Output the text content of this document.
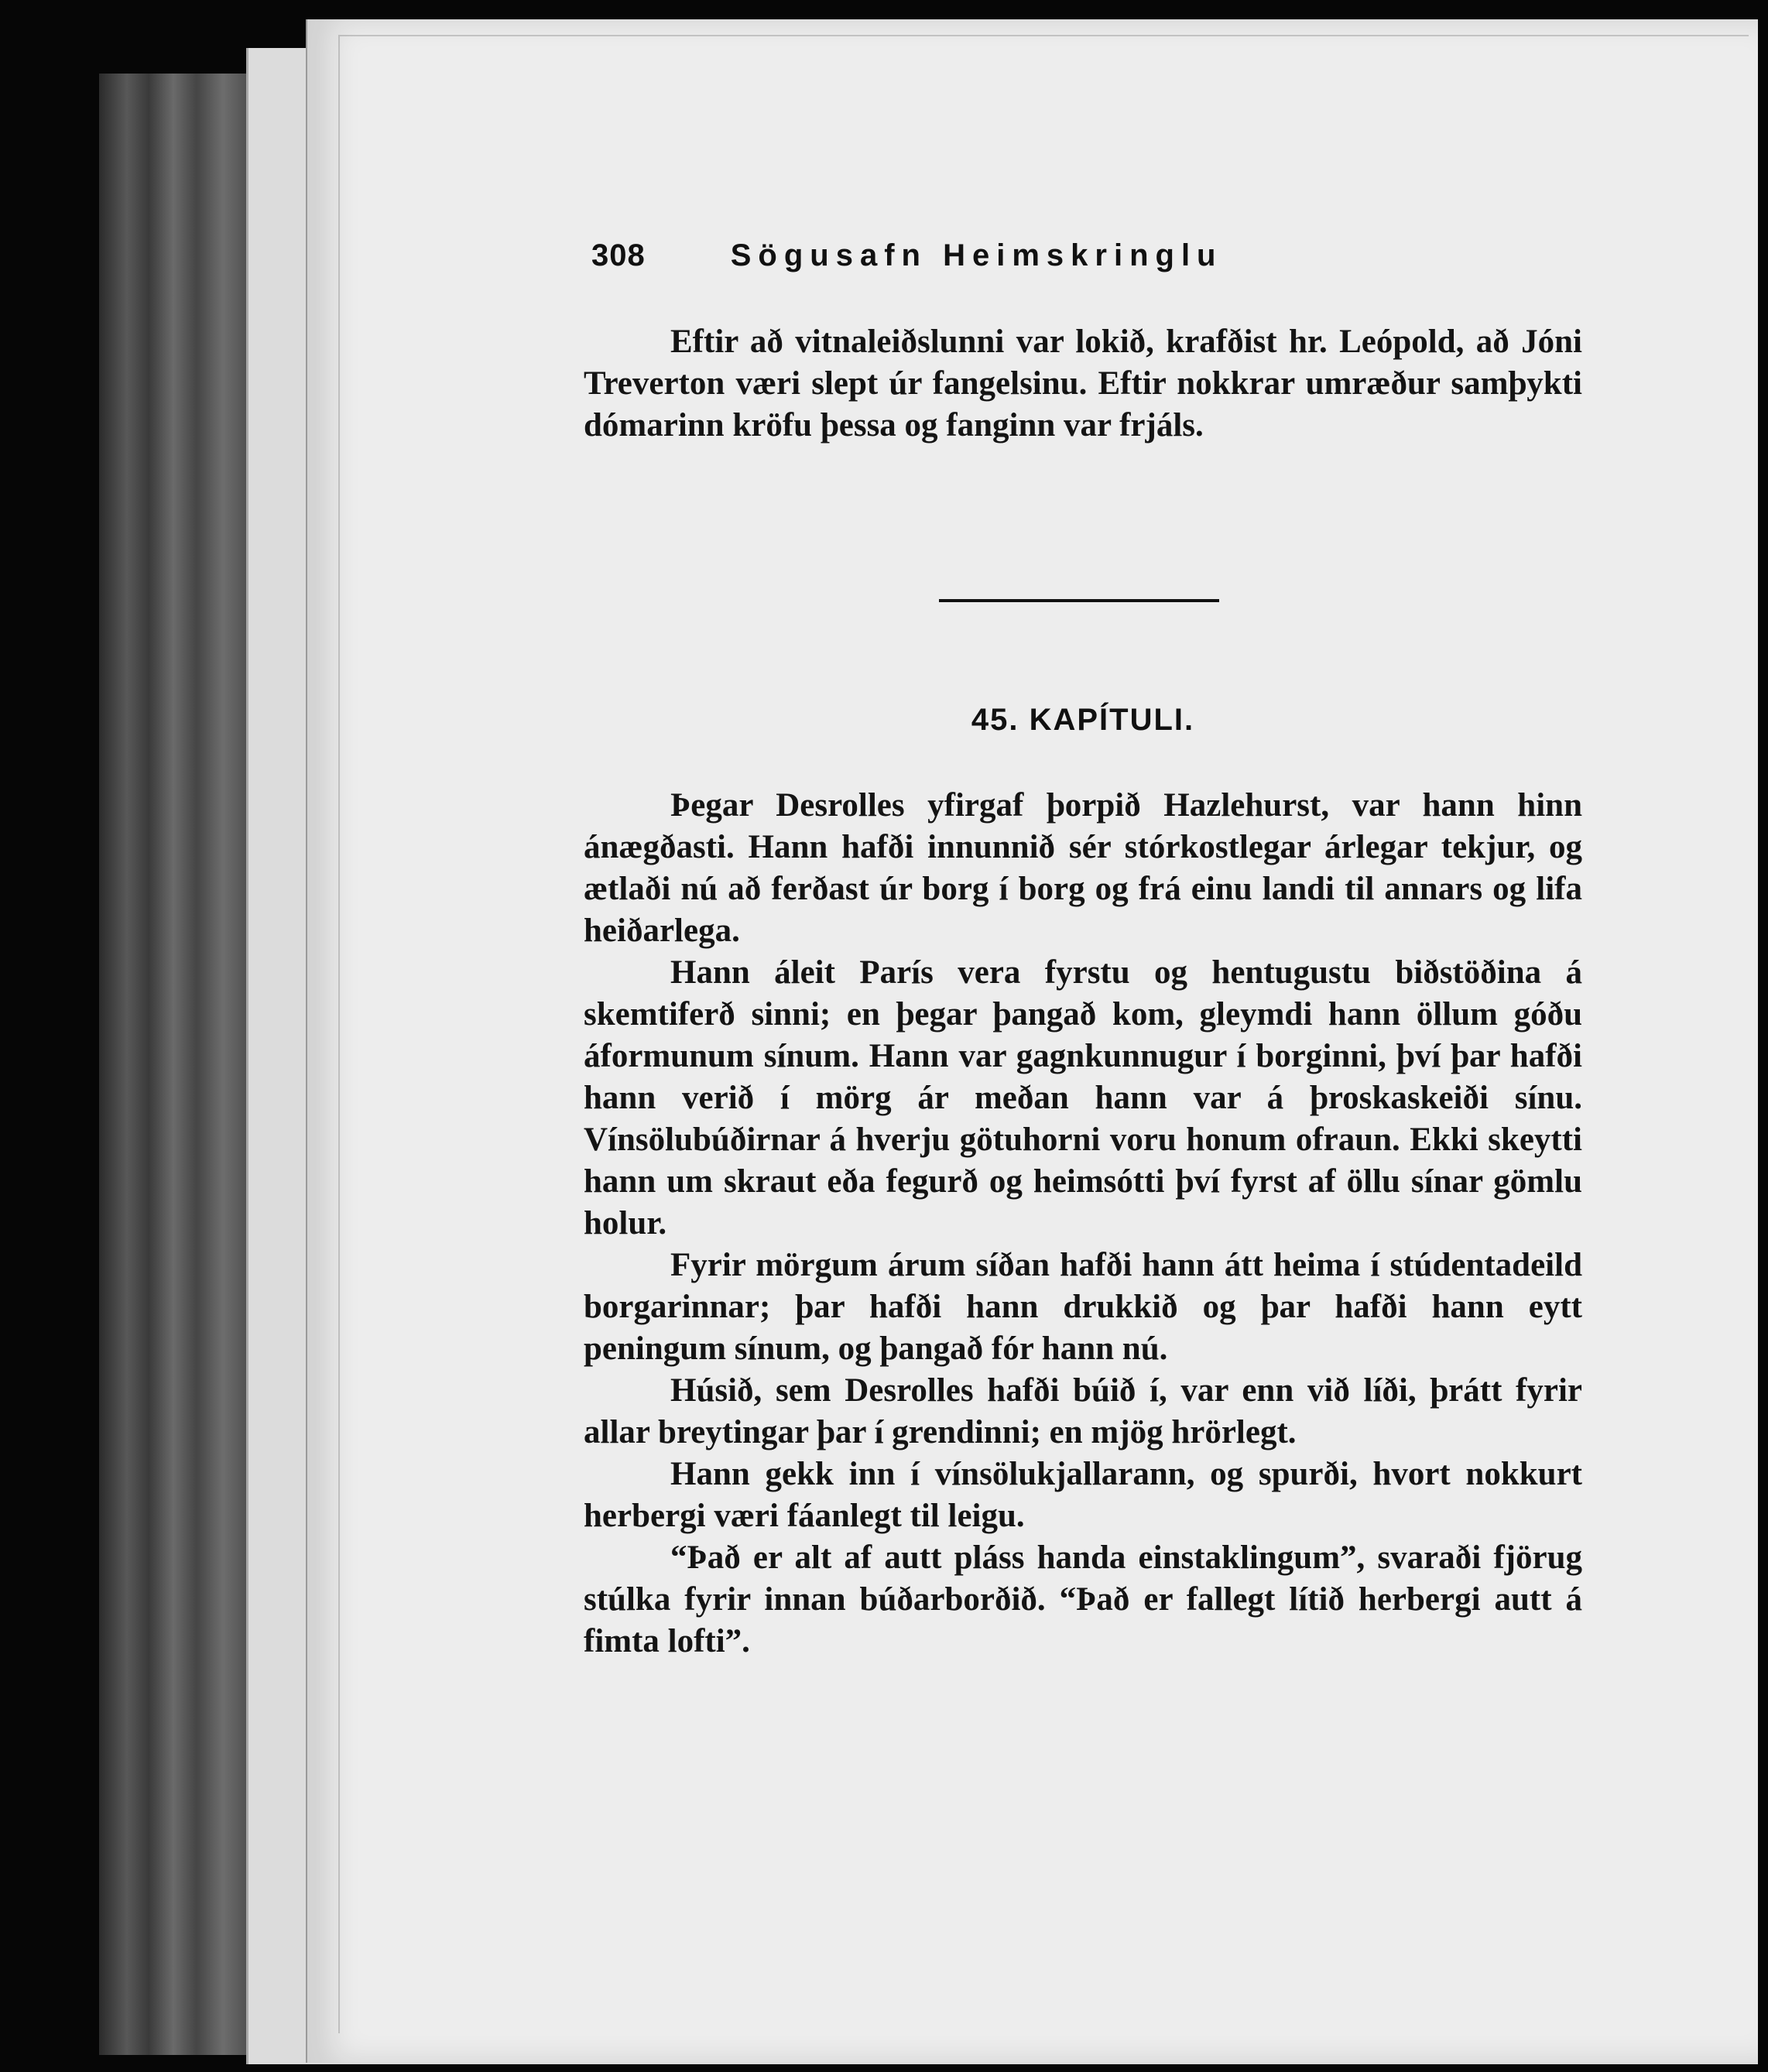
308	Sögusafn Heimskringlu

Eftir að vitnaleiðslunni var lokið, krafðist hr. Leópold, að Jóni Treverton væri slept úr fangelsinu. Eftir nokkrar umræður samþykti dómarinn kröfu þessa og fanginn var frjáls.

45. KAPÍTULI.

Þegar Desrolles yfirgaf þorpið Hazlehurst, var hann hinn ánægðasti. Hann hafði innunnið sér stórkostlegar árlegar tekjur, og ætlaði nú að ferðast úr borg í borg og frá einu landi til annars og lifa heiðarlega.

Hann áleit París vera fyrstu og hentugustu biðstöðina á skemtiferð sinni; en þegar þangað kom, gleymdi hann öllum góðu áformunum sínum. Hann var gagnkunnugur í borginni, því þar hafði hann verið í mörg ár meðan hann var á þroskaskeiði sínu. Vínsölubúðirnar á hverju götuhorni voru honum ofraun. Ekki skeytti hann um skraut eða fegurð og heimsótti því fyrst af öllu sínar gömlu holur.

Fyrir mörgum árum síðan hafði hann átt heima í stúdentadeild borgarinnar; þar hafði hann drukkið og þar hafði hann eytt peningum sínum, og þangað fór hann nú.

Húsið, sem Desrolles hafði búið í, var enn við líði, þrátt fyrir allar breytingar þar í grendinni; en mjög hrörlegt.

Hann gekk inn í vínsölukjallarann, og spurði, hvort nokkurt herbergi væri fáanlegt til leigu.

“Það er alt af autt pláss handa einstaklingum”, svaraði fjörug stúlka fyrir innan búðarborðið. “Það er fallegt lítið herbergi autt á fimta lofti”.
